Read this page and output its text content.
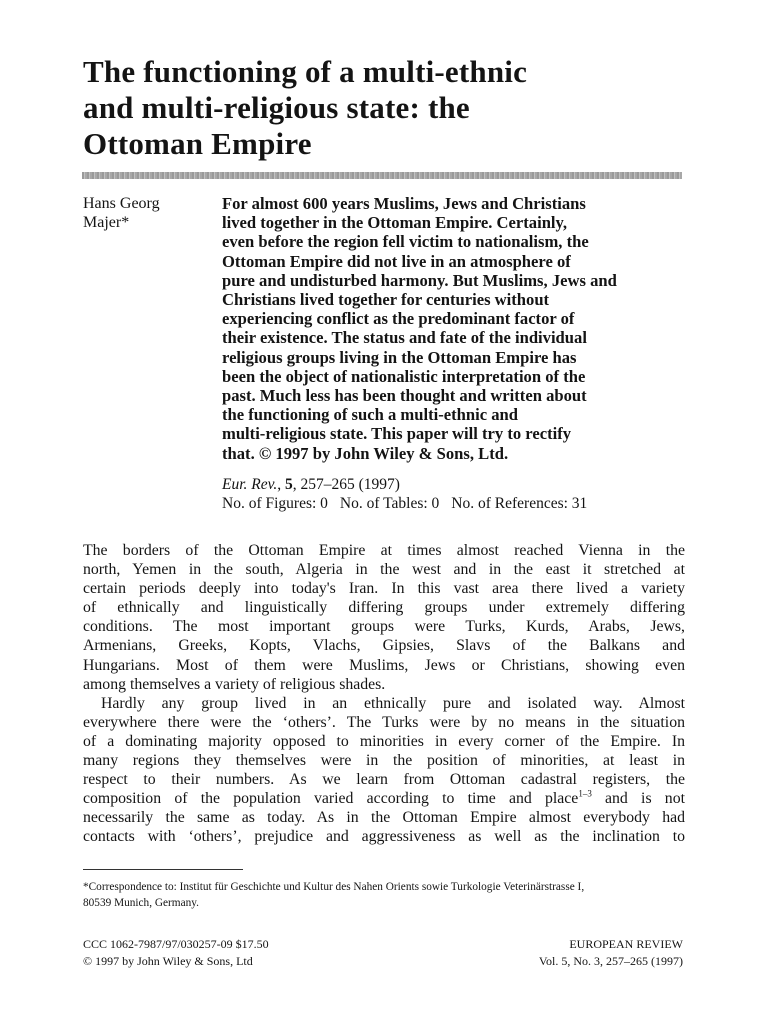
The functioning of a multi-ethnic
and multi-religious state: the
Ottoman Empire
Hans Georg
Majer*
For almost 600 years Muslims, Jews and Christians
lived together in the Ottoman Empire. Certainly,
even before the region fell victim to nationalism, the
Ottoman Empire did not live in an atmosphere of
pure and undisturbed harmony. But Muslims, Jews and
Christians lived together for centuries without
experiencing conflict as the predominant factor of
their existence. The status and fate of the individual
religious groups living in the Ottoman Empire has
been the object of nationalistic interpretation of the
past. Much less has been thought and written about
the functioning of such a multi-ethnic and
multi-religious state. This paper will try to rectify
that. © 1997 by John Wiley & Sons, Ltd.
Eur. Rev., 5, 257–265 (1997)
No. of Figures: 0 No. of Tables: 0 No. of References: 31
The borders of the Ottoman Empire at times almost reached Vienna in the
north, Yemen in the south, Algeria in the west and in the east it stretched at
certain periods deeply into today's Iran. In this vast area there lived a variety
of ethnically and linguistically differing groups under extremely differing
conditions. The most important groups were Turks, Kurds, Arabs, Jews,
Armenians, Greeks, Kopts, Vlachs, Gipsies, Slavs of the Balkans and
Hungarians. Most of them were Muslims, Jews or Christians, showing even
among themselves a variety of religious shades.
Hardly any group lived in an ethnically pure and isolated way. Almost
everywhere there were the ‘others’. The Turks were by no means in the situation
of a dominating majority opposed to minorities in every corner of the Empire. In
many regions they themselves were in the position of minorities, at least in
respect to their numbers. As we learn from Ottoman cadastral registers, the
composition of the population varied according to time and place$^{1-3}$ and is not
necessarily the same as today. As in the Ottoman Empire almost everybody had
contacts with ‘others’, prejudice and aggressiveness as well as the inclination to
*Correspondence to: Institut für Geschichte und Kultur des Nahen Orients sowie Turkologie Veterinärstrasse I,
80539 Munich, Germany.
CCC 1062-7987/97/030257-09 $17.50
© 1997 by John Wiley & Sons, Ltd
EUROPEAN REVIEW
Vol. 5, No. 3, 257–265 (1997)
